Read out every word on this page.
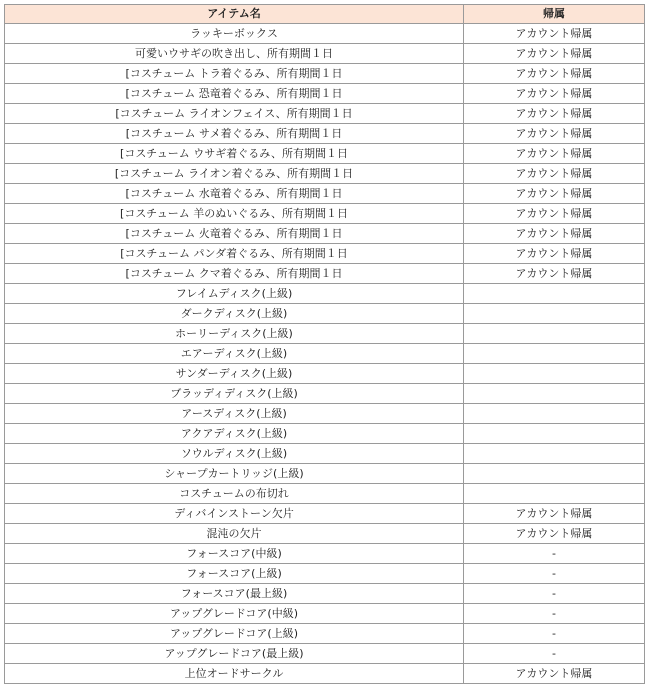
アイテム名	帰属
ラッキーボックス	アカウント帰属
可愛いウサギの吹き出し、所有期間１日	アカウント帰属
[コスチューム トラ着ぐるみ、所有期間１日	アカウント帰属
[コスチューム 恐竜着ぐるみ、所有期間１日	アカウント帰属
[コスチューム ライオンフェイス、所有期間１日	アカウント帰属
[コスチューム サメ着ぐるみ、所有期間１日	アカウント帰属
[コスチューム ウサギ着ぐるみ、所有期間１日	アカウント帰属
[コスチューム ライオン着ぐるみ、所有期間１日	アカウント帰属
[コスチューム 水竜着ぐるみ、所有期間１日	アカウント帰属
[コスチューム 羊のぬいぐるみ、所有期間１日	アカウント帰属
[コスチューム 火竜着ぐるみ、所有期間１日	アカウント帰属
[コスチューム パンダ着ぐるみ、所有期間１日	アカウント帰属
[コスチューム クマ着ぐるみ、所有期間１日	アカウント帰属
フレイムディスク(上級)	
ダークディスク(上級)	
ホーリーディスク(上級)	
エアーディスク(上級)	
サンダーディスク(上級)	
ブラッディディスク(上級)	
アースディスク(上級)	
アクアディスク(上級)	
ソウルディスク(上級)	
シャープカートリッジ(上級)	
コスチュームの布切れ	
ディバインストーン欠片	アカウント帰属
混沌の欠片	アカウント帰属
フォースコア(中級)	-
フォースコア(上級)	-
フォースコア(最上級)	-
アップグレードコア(中級)	-
アップグレードコア(上級)	-
アップグレードコア(最上級)	-
上位オードサークル	アカウント帰属
